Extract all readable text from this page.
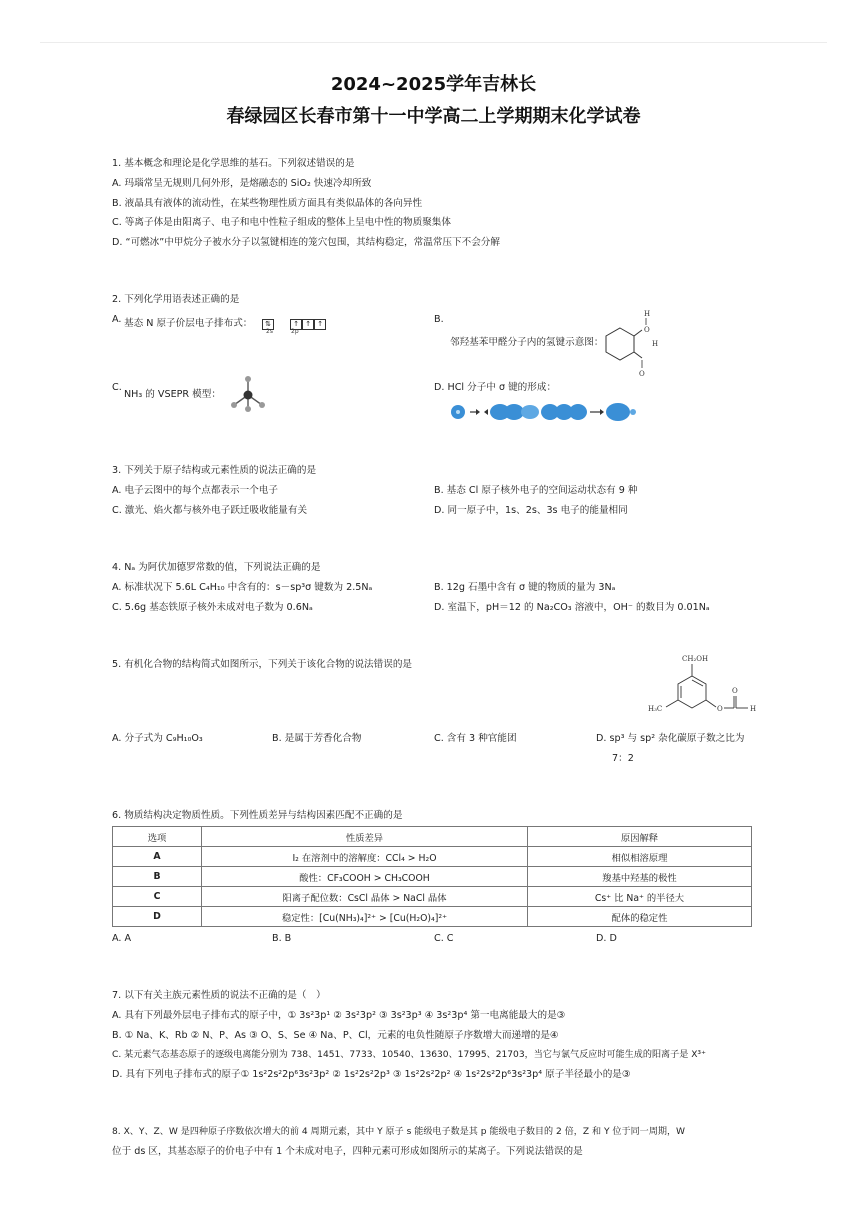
2024~2025学年吉林长
春绿园区长春市第十一中学高二上学期期末化学试卷
1. 基本概念和理论是化学思维的基石。下列叙述错误的是
A. 玛瑙常呈无规则几何外形，是熔融态的 SiO₂ 快速冷却所致
B. 液晶具有液体的流动性，在某些物理性质方面具有类似晶体的各向异性
C. 等离子体是由阳离子、电子和电中性粒子组成的整体上呈电中性的物质聚集体
D. “可燃冰”中甲烷分子被水分子以氢键相连的笼穴包围，其结构稳定，常温常压下不会分解
2. 下列化学用语表述正确的是
A. 基态 N 原子价层电子排布式：	⇅	↑ ↑ ↑
2s	2p
B.
邻羟基苯甲醛分子内的氢键示意图：
O
H
H
O
C.
NH₃ 的 VSEPR 模型：
D. HCl 分子中 σ 键的形成：
3. 下列关于原子结构或元素性质的说法正确的是
A. 电子云图中的每个点都表示一个电子	B. 基态 Cl 原子核外电子的空间运动状态有 9 种
C. 激光、焰火都与核外电子跃迁吸收能量有关	D. 同一原子中，1s、2s、3s 电子的能量相同
4. Nₐ 为阿伏加德罗常数的值，下列说法正确的是
A. 标准状况下 5.6L C₄H₁₀ 中含有的：s－sp³σ 键数为 2.5Nₐ	B. 12g 石墨中含有 σ 键的物质的量为 3Nₐ
C. 5.6g 基态铁原子核外未成对电子数为 0.6Nₐ	D. 室温下，pH＝12 的 Na₂CO₃ 溶液中，OH⁻ 的数目为 0.01Nₐ
5. 有机化合物的结构简式如图所示，下列关于该化合物的说法错误的是	CH₂OH
H₃C	O
O
H
A. 分子式为 C₉H₁₀O₃	B. 是属于芳香化合物	C. 含有 3 种官能团	D. sp³ 与 sp² 杂化碳原子数之比为
7：2
6. 物质结构决定物质性质。下列性质差异与结构因素匹配不正确的是
选项	性质差异	原因解释
A	I₂ 在溶剂中的溶解度：CCl₄ > H₂O	相似相溶原理
B	酸性：CF₃COOH > CH₃COOH	羧基中羟基的极性
C	阳离子配位数：CsCl 晶体 > NaCl 晶体	Cs⁺ 比 Na⁺ 的半径大
D	稳定性：[Cu(NH₃)₄]²⁺ > [Cu(H₂O)₄]²⁺	配体的稳定性
A. A	B. B	C. C	D. D
7. 以下有关主族元素性质的说法不正确的是（　）
A. 具有下列最外层电子排布式的原子中，① 3s²3p¹ ② 3s²3p² ③ 3s²3p³ ④ 3s²3p⁴ 第一电离能最大的是③
B. ① Na、K、Rb ② N、P、As ③ O、S、Se ④ Na、P、Cl，元素的电负性随原子序数增大而递增的是④
C. 某元素气态基态原子的逐级电离能分别为 738、1451、7733、10540、13630、17995、21703，当它与氯气反应时可能生成的阳离子是 X³⁺
D. 具有下列电子排布式的原子① 1s²2s²2p⁶3s²3p² ② 1s²2s²2p³ ③ 1s²2s²2p² ④ 1s²2s²2p⁶3s²3p⁴ 原子半径最小的是③
8. X、Y、Z、W 是四种原子序数依次增大的前 4 周期元素，其中 Y 原子 s 能级电子数是其 p 能级电子数目的 2 倍，Z 和 Y 位于同一周期，W
位于 ds 区，其基态原子的价电子中有 1 个未成对电子，四种元素可形成如图所示的某离子。下列说法错误的是
